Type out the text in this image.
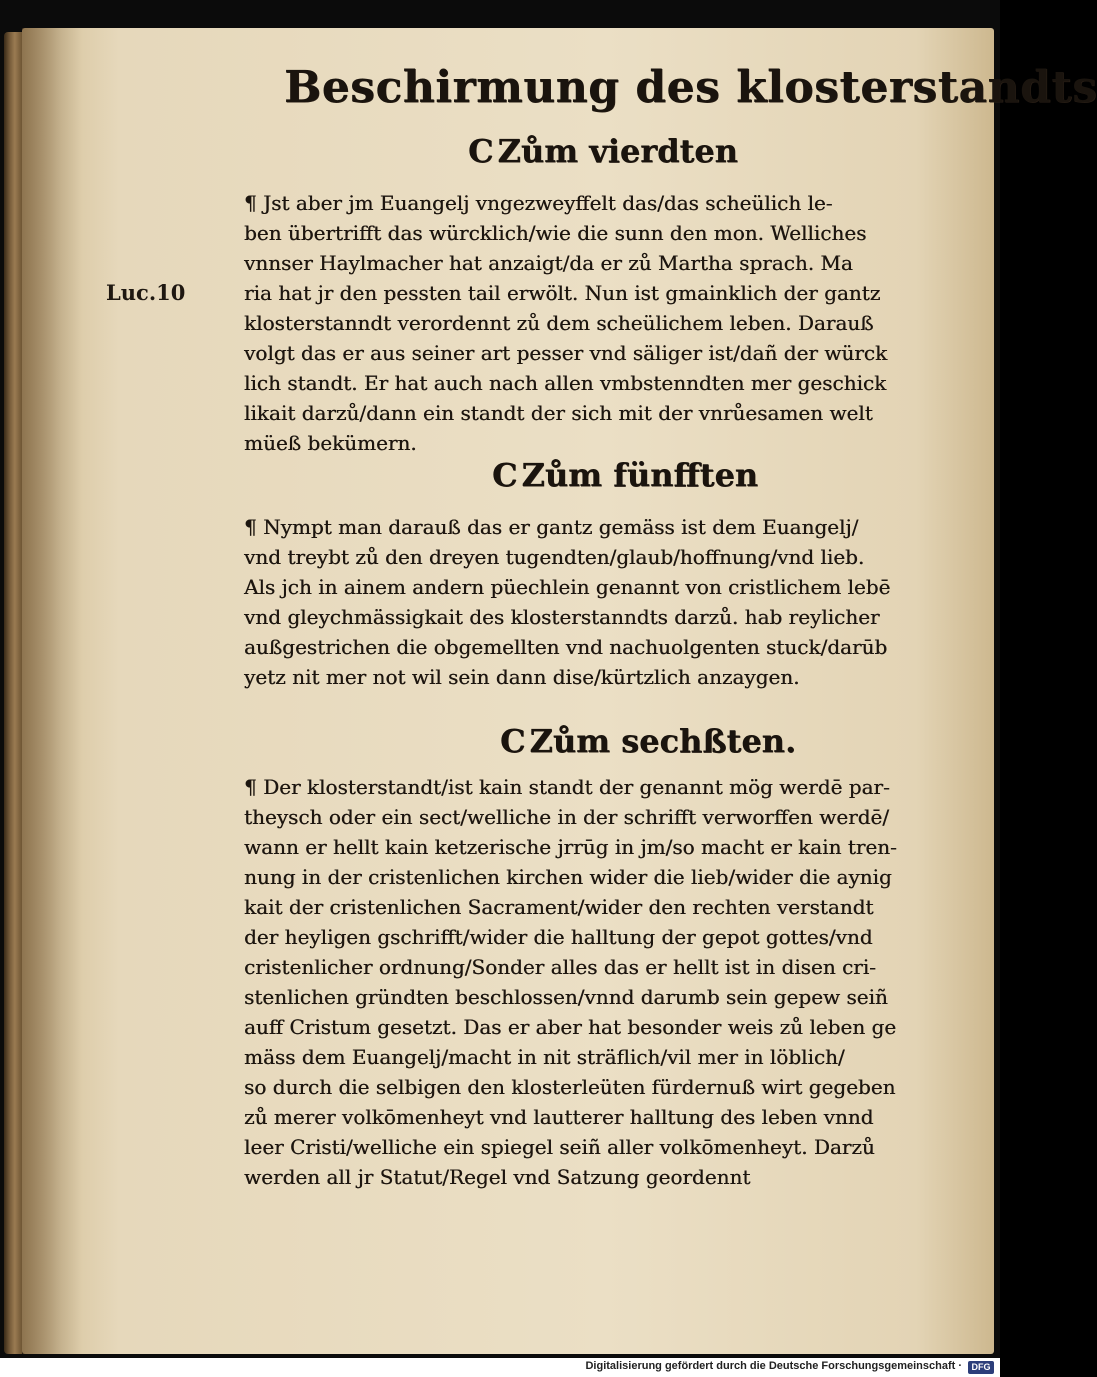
Beschirmung des klosterstandts
C Zům vierdten
Luc.10
¶ Jst aber jm Euangelj vngezweyffelt das/das scheülich le-
ben übertrifft das würcklich/wie die sunn den mon. Welliches
vnnser Haylmacher hat anzaigt/da er zů Martha sprach. Ma
ria hat jr den pessten tail erwölt. Nun ist gmainklich der gantz
klosterstanndt verordennt zů dem scheülichem leben. Darauß
volgt das er aus seiner art pesser vnd säliger ist/dañ der würck
lich standt. Er hat auch nach allen vmbstenndten mer geschick
likait darzů/dann ein standt der sich mit der vnrůesamen welt
müeß bekümern.
C Zům fünfften
¶ Nympt man darauß das er gantz gemäss ist dem Euangelj/
vnd treybt zů den dreyen tugendten/glaub/hoffnung/vnd lieb.
Als jch in ainem andern püechlein genannt von cristlichem lebē
vnd gleychmässigkait des klosterstanndts darzů. hab reylicher
außgestrichen die obgemellten vnd nachuolgenten stuck/darūb
yetz nit mer not wil sein dann dise/kürtzlich anzaygen.
C Zům sechßten.
¶ Der klosterstandt/ist kain standt der genannt mög werdē par-
theysch oder ein sect/welliche in der schrifft verworffen werdē/
wann er hellt kain ketzerische jrrūg in jm/so macht er kain tren-
nung in der cristenlichen kirchen wider die lieb/wider die aynig
kait der cristenlichen Sacrament/wider den rechten verstandt
der heyligen gschrifft/wider die halltung der gepot gottes/vnd
cristenlicher ordnung/Sonder alles das er hellt ist in disen cri-
stenlichen gründten beschlossen/vnnd darumb sein gepew seiñ
auff Cristum gesetzt. Das er aber hat besonder weis zů leben ge
mäss dem Euangelj/macht in nit sträflich/vil mer in löblich/
so durch die selbigen den klosterleüten fürdernuß wirt gegeben
zů merer volkōmenheyt vnd lautterer halltung des leben vnnd
leer Cristi/welliche ein spiegel seiñ aller volkōmenheyt. Darzů
werden all jr Statut/Regel vnd Satzung geordennt
Digitalisierung gefördert durch die Deutsche Forschungsgemeinschaft ·	DFG
